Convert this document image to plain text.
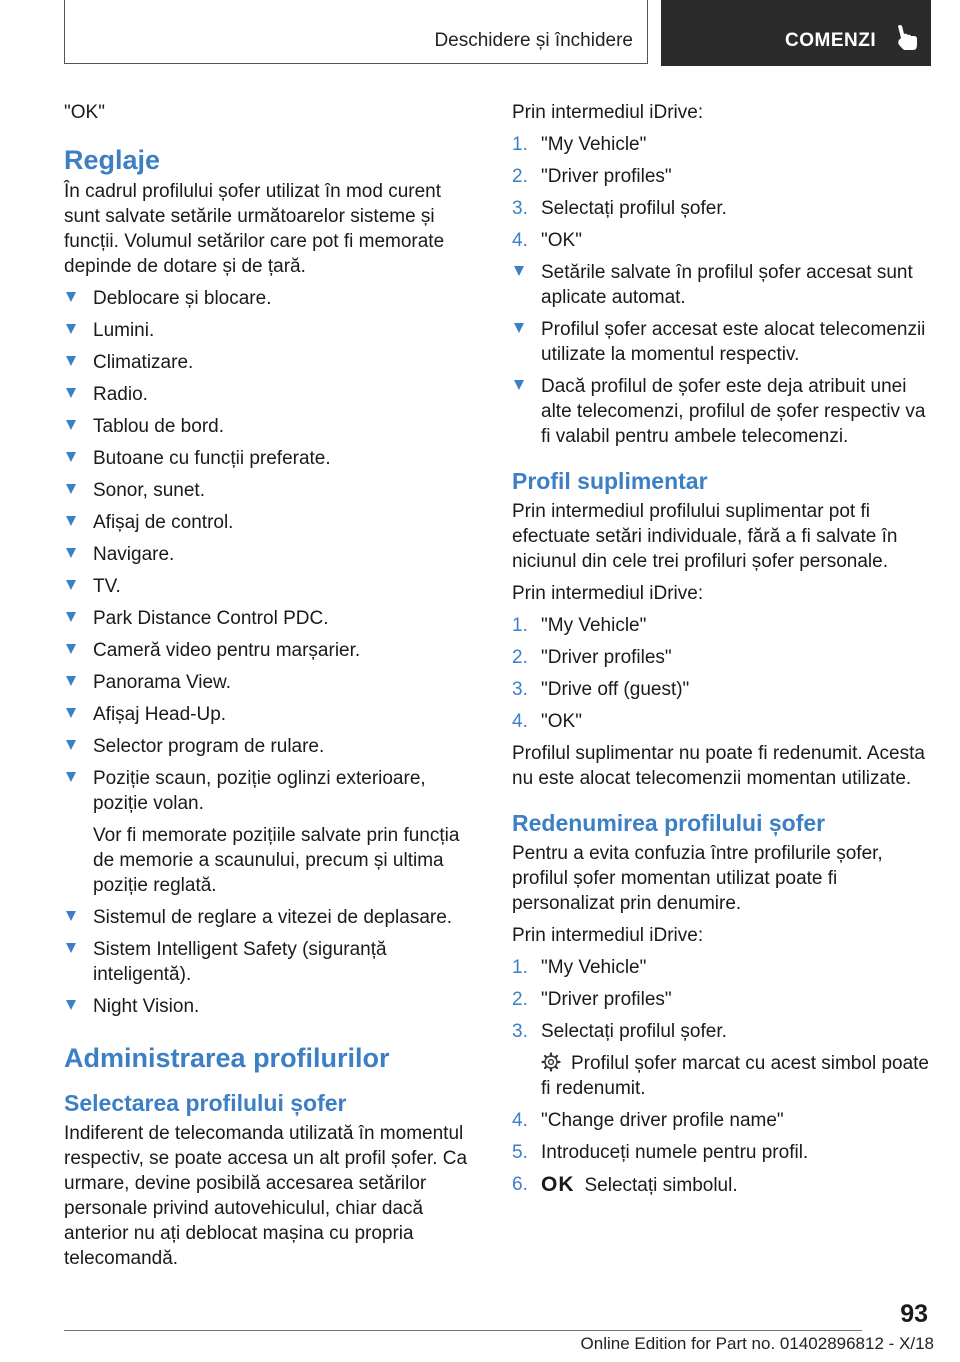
Deschidere și închidere	COMENZI

"OK"

Reglaje

În cadrul profilului șofer utilizat în mod curent sunt salvate setările următoarelor sisteme și funcții. Volumul setărilor care pot fi memorate depinde de dotare și de țară.

Deblocare și blocare.
Lumini.
Climatizare.
Radio.
Tablou de bord.
Butoane cu funcții preferate.
Sonor, sunet.
Afișaj de control.
Navigare.
TV.
Park Distance Control PDC.
Cameră video pentru marșarier.
Panorama View.
Afișaj Head-Up.
Selector program de rulare.
Poziție scaun, poziție oglinzi exterioare, poziție volan.
Vor fi memorate pozițiile salvate prin funcția de memorie a scaunului, precum și ultima poziție reglată.
Sistemul de reglare a vitezei de deplasare.
Sistem Intelligent Safety (siguranță inteligentă).
Night Vision.
Administrarea profilurilor
Selectarea profilului șofer

Indiferent de telecomanda utilizată în momentul respectiv, se poate accesa un alt profil șofer. Ca urmare, devine posibilă accesarea setărilor personale privind autovehiculul, chiar dacă anterior nu ați deblocat mașina cu propria telecomandă.

Prin intermediul iDrive:

1. "My Vehicle"
2. "Driver profiles"
3. Selectați profilul șofer.
4. "OK"
Setările salvate în profilul șofer accesat sunt aplicate automat.
Profilul șofer accesat este alocat telecomenzii utilizate la momentul respectiv.
Dacă profilul de șofer este deja atribuit unei alte telecomenzi, profilul de șofer respectiv va fi valabil pentru ambele telecomenzi.
Profil suplimentar

Prin intermediul profilului suplimentar pot fi efectuate setări individuale, fără a fi salvate în niciunul din cele trei profiluri șofer personale.

Prin intermediul iDrive:

1. "My Vehicle"
2. "Driver profiles"
3. "Drive off (guest)"
4. "OK"

Profilul suplimentar nu poate fi redenumit. Acesta nu este alocat telecomenzii momentan utilizate.

Redenumirea profilului șofer

Pentru a evita confuzia între profilurile șofer, profilul șofer momentan utilizat poate fi personalizat prin denumire.

Prin intermediul iDrive:

1. "My Vehicle"
2. "Driver profiles"
3. Selectați profilul șofer.
Profilul șofer marcat cu acest simbol poate fi redenumit.
4. "Change driver profile name"
5. Introduceți numele pentru profil.
6. OK Selectați simbolul.
93
Online Edition for Part no. 01402896812 - X/18
